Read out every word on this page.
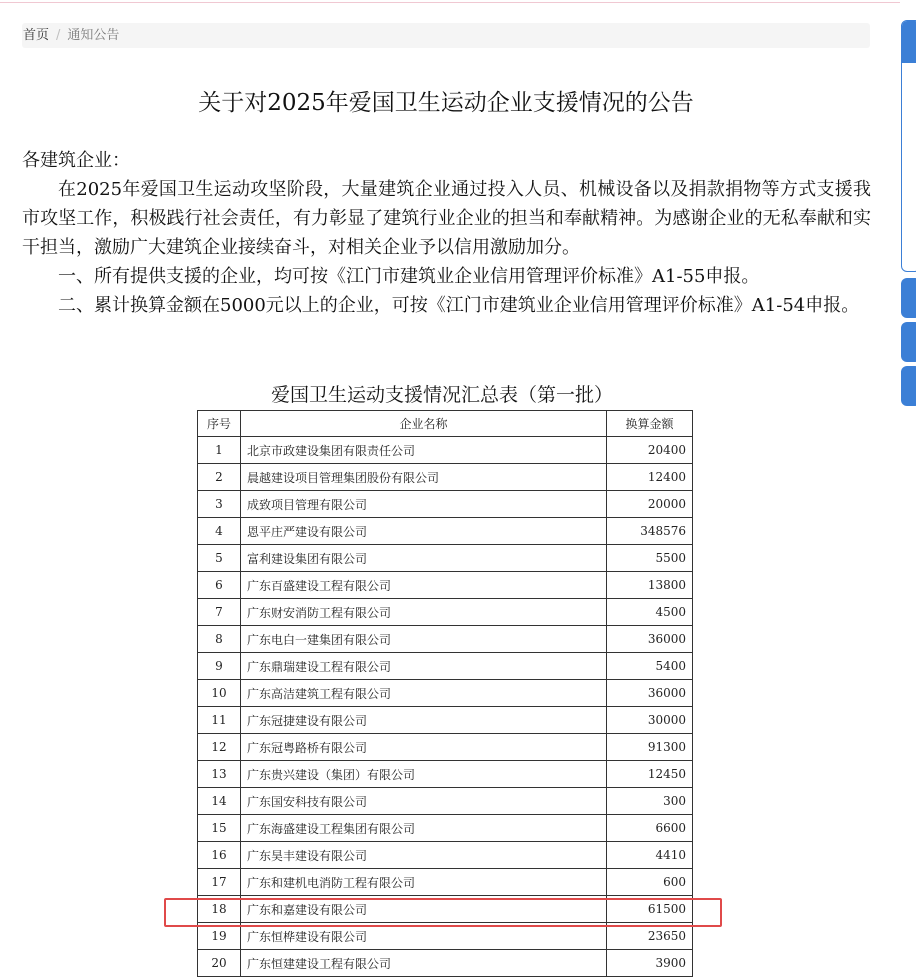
首页 / 通知公告
关于对2025年爱国卫生运动企业支援情况的公告

各建筑企业：

在2025年爱国卫生运动攻坚阶段，大量建筑企业通过投入人员、机械设备以及捐款捐物等方式支援我市攻坚工作，积极践行社会责任，有力彰显了建筑行业企业的担当和奉献精神。为感谢企业的无私奉献和实干担当，激励广大建筑企业接续奋斗，对相关企业予以信用激励加分。

一、所有提供支援的企业，均可按《江门市建筑业企业信用管理评价标准》A1-55申报。

二、累计换算金额在5000元以上的企业，可按《江门市建筑业企业信用管理评价标准》A1-54申报。

爱国卫生运动支援情况汇总表（第一批）
序号	企业名称	换算金额
1	北京市政建设集团有限责任公司	20400
2	晨越建设项目管理集团股份有限公司	12400
3	成致项目管理有限公司	20000
4	恩平庄严建设有限公司	348576
5	富利建设集团有限公司	5500
6	广东百盛建设工程有限公司	13800
7	广东财安消防工程有限公司	4500
8	广东电白一建集团有限公司	36000
9	广东鼎瑞建设工程有限公司	5400
10	广东高洁建筑工程有限公司	36000
11	广东冠捷建设有限公司	30000
12	广东冠粤路桥有限公司	91300
13	广东贵兴建设（集团）有限公司	12450
14	广东国安科技有限公司	300
15	广东海盛建设工程集团有限公司	6600
16	广东昊丰建设有限公司	4410
17	广东和建机电消防工程有限公司	600
18	广东和嘉建设有限公司	61500
19	广东恒桦建设有限公司	23650
20	广东恒建建设工程有限公司	3900
